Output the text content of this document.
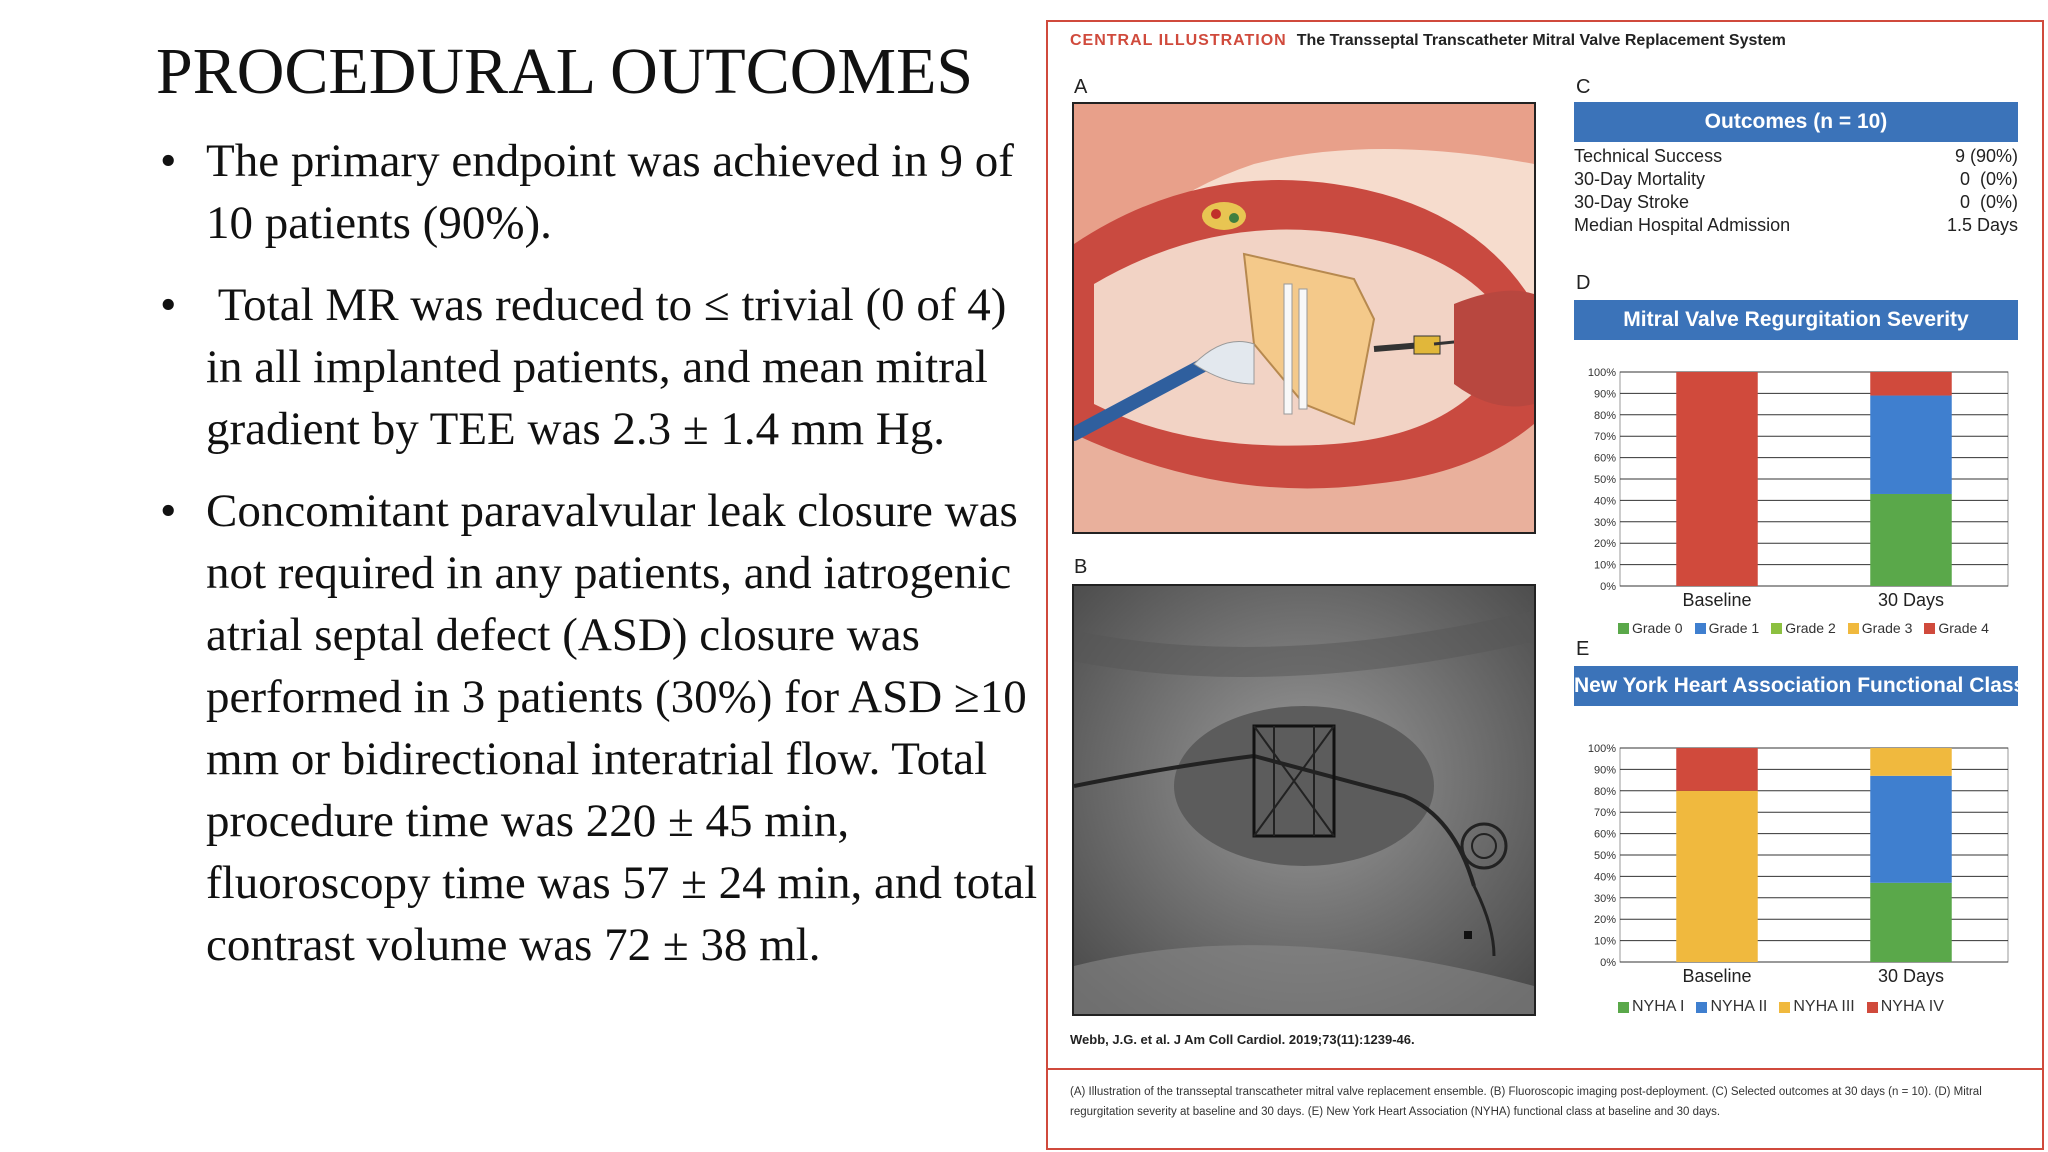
PROCEDURAL OUTCOMES
• The primary endpoint was achieved in 9 of 10 patients (90%).
• Total MR was reduced to ≤ trivial (0 of 4) in all implanted patients, and mean mitral gradient by TEE was 2.3 ± 1.4 mm Hg.
• Concomitant paravalvular leak closure was not required in any patients, and iatrogenic atrial septal defect (ASD) closure was performed in 3 patients (30%) for ASD ≥10 mm or bidirectional interatrial flow. Total procedure time was 220 ± 45 min, fluoroscopy time was 57 ± 24 min, and total contrast volume was 72 ± 38 ml.
CENTRAL ILLUSTRATION The Transseptal Transcatheter Mitral Valve Replacement System
A
B
C
Outcomes (n = 10)
Technical Success	9 (90%)
30-Day Mortality	0  (0%)
30-Day Stroke	0  (0%)
Median Hospital Admission	1.5 Days
D
Mitral Valve Regurgitation Severity
0%
10%
20%
30%
40%
50%
60%
70%
80%
90%
100%
Baseline	30 Days
Grade 0 Grade 1 Grade 2 Grade 3 Grade 4
E
New York Heart Association Functional Class
0%
10%
20%
30%
40%
50%
60%
70%
80%
90%
100%
Baseline	30 Days
NYHA I NYHA II NYHA III NYHA IV
Webb, J.G. et al. J Am Coll Cardiol. 2019;73(11):1239-46.
(A) Illustration of the transseptal transcatheter mitral valve replacement ensemble. (B) Fluoroscopic imaging post-deployment. (C) Selected outcomes at 30 days (n = 10). (D) Mitral regurgitation severity at baseline and 30 days. (E) New York Heart Association (NYHA) functional class at baseline and 30 days.
